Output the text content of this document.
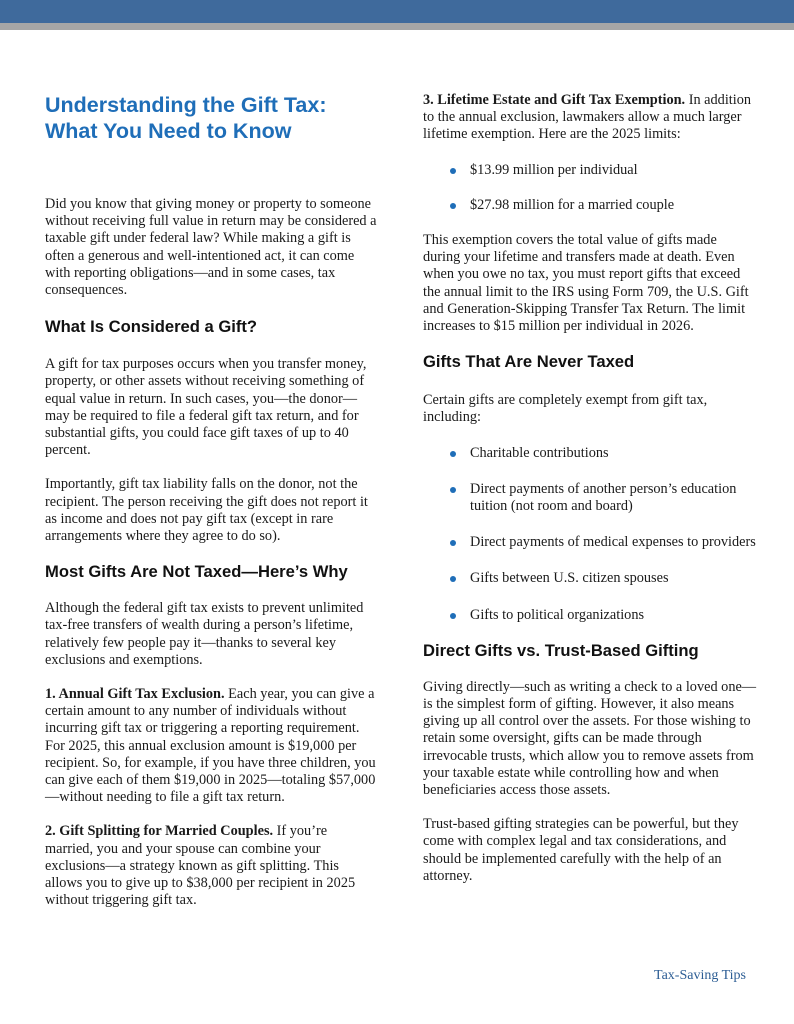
Understanding the Gift Tax: What You Need to Know

Did you know that giving money or property to someone without receiving full value in return may be considered a taxable gift under federal law? While making a gift is often a generous and well-intentioned act, it can come with reporting obligations—and in some cases, tax consequences.

What Is Considered a Gift?

A gift for tax purposes occurs when you transfer money, property, or other assets without receiving something of equal value in return. In such cases, you—the donor—may be required to file a federal gift tax return, and for substantial gifts, you could face gift taxes of up to 40 percent.

Importantly, gift tax liability falls on the donor, not the recipient. The person receiving the gift does not report it as income and does not pay gift tax (except in rare arrangements where they agree to do so).

Most Gifts Are Not Taxed—Here’s Why

Although the federal gift tax exists to prevent unlimited tax-free transfers of wealth during a person’s lifetime, relatively few people pay it—thanks to several key exclusions and exemptions.

1. Annual Gift Tax Exclusion. Each year, you can give a certain amount to any number of individuals without incurring gift tax or triggering a reporting requirement. For 2025, this annual exclusion amount is $19,000 per recipient. So, for example, if you have three children, you can give each of them $19,000 in 2025—totaling $57,000—without needing to file a gift tax return.

2. Gift Splitting for Married Couples. If you’re married, you and your spouse can combine your exclusions—a strategy known as gift splitting. This allows you to give up to $38,000 per recipient in 2025 without triggering gift tax.

3. Lifetime Estate and Gift Tax Exemption. In addition to the annual exclusion, lawmakers allow a much larger lifetime exemption. Here are the 2025 limits:

$13.99 million per individual
$27.98 million for a married couple

This exemption covers the total value of gifts made during your lifetime and transfers made at death. Even when you owe no tax, you must report gifts that exceed the annual limit to the IRS using Form 709, the U.S. Gift and Generation-Skipping Transfer Tax Return. The limit increases to $15 million per individual in 2026.

Gifts That Are Never Taxed

Certain gifts are completely exempt from gift tax, including:

Charitable contributions
Direct payments of another person’s education tuition (not room and board)
Direct payments of medical expenses to providers
Gifts between U.S. citizen spouses
Gifts to political organizations
Direct Gifts vs. Trust-Based Gifting

Giving directly—such as writing a check to a loved one—is the simplest form of gifting. However, it also means giving up all control over the assets. For those wishing to retain some oversight, gifts can be made through irrevocable trusts, which allow you to remove assets from your taxable estate while controlling how and when beneficiaries access those assets.

Trust-based gifting strategies can be powerful, but they come with complex legal and tax considerations, and should be implemented carefully with the help of an attorney.

Tax-Saving Tips
